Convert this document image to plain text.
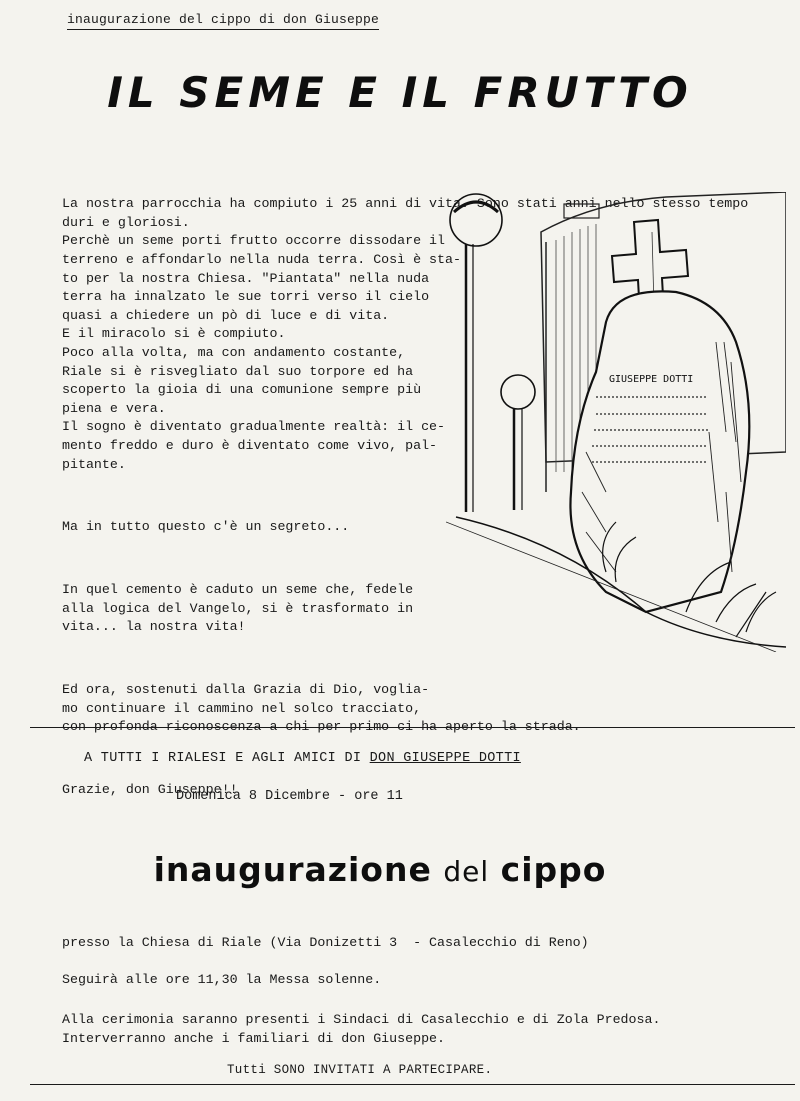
inaugurazione del cippo di don Giuseppe
IL SEME E IL FRUTTO

La nostra parrocchia ha compiuto i 25 anni di vita. Sono stati anni nello stesso tempo
duri e gloriosi.
Perchè un seme porti frutto occorre dissodare il
terreno e affondarlo nella nuda terra. Così è sta-
to per la nostra Chiesa. "Piantata" nella nuda
terra ha innalzato le sue torri verso il cielo
quasi a chiedere un pò di luce e di vita.
E il miracolo si è compiuto.
Poco alla volta, ma con andamento costante,
Riale si è risvegliato dal suo torpore ed ha
scoperto la gioia di una comunione sempre più
piena e vera.
Il sogno è diventato gradualmente realtà: il ce-
mento freddo e duro è diventato come vivo, pal-
pitante.

Ma in tutto questo c'è un segreto...

In quel cemento è caduto un seme che, fedele
alla logica del Vangelo, si è trasformato in
vita... la nostra vita!

Ed ora, sostenuti dalla Grazia di Dio, vogliа-
mo continuare il cammino nel solco tracciato,
con profonda riconoscenza a chi per primo ci ha aperto la strada.

Grazie, don Giuseppe!!

GIUSEPPE DOTTI
A TUTTI I RIALESI E AGLI AMICI DI DON GIUSEPPE DOTTI
Domenica 8 Dicembre - ore 11
inaugurazione del cippo
presso la Chiesa di Riale (Via Donizetti 3  - Casalecchio di Reno)
Seguirà alle ore 11,30 la Messa solenne.
Alla cerimonia saranno presenti i Sindaci di Casalecchio e di Zola Predosa.
Interverranno anche i familiari di don Giuseppe.
Tutti SONO INVITATI A PARTECIPARE.
